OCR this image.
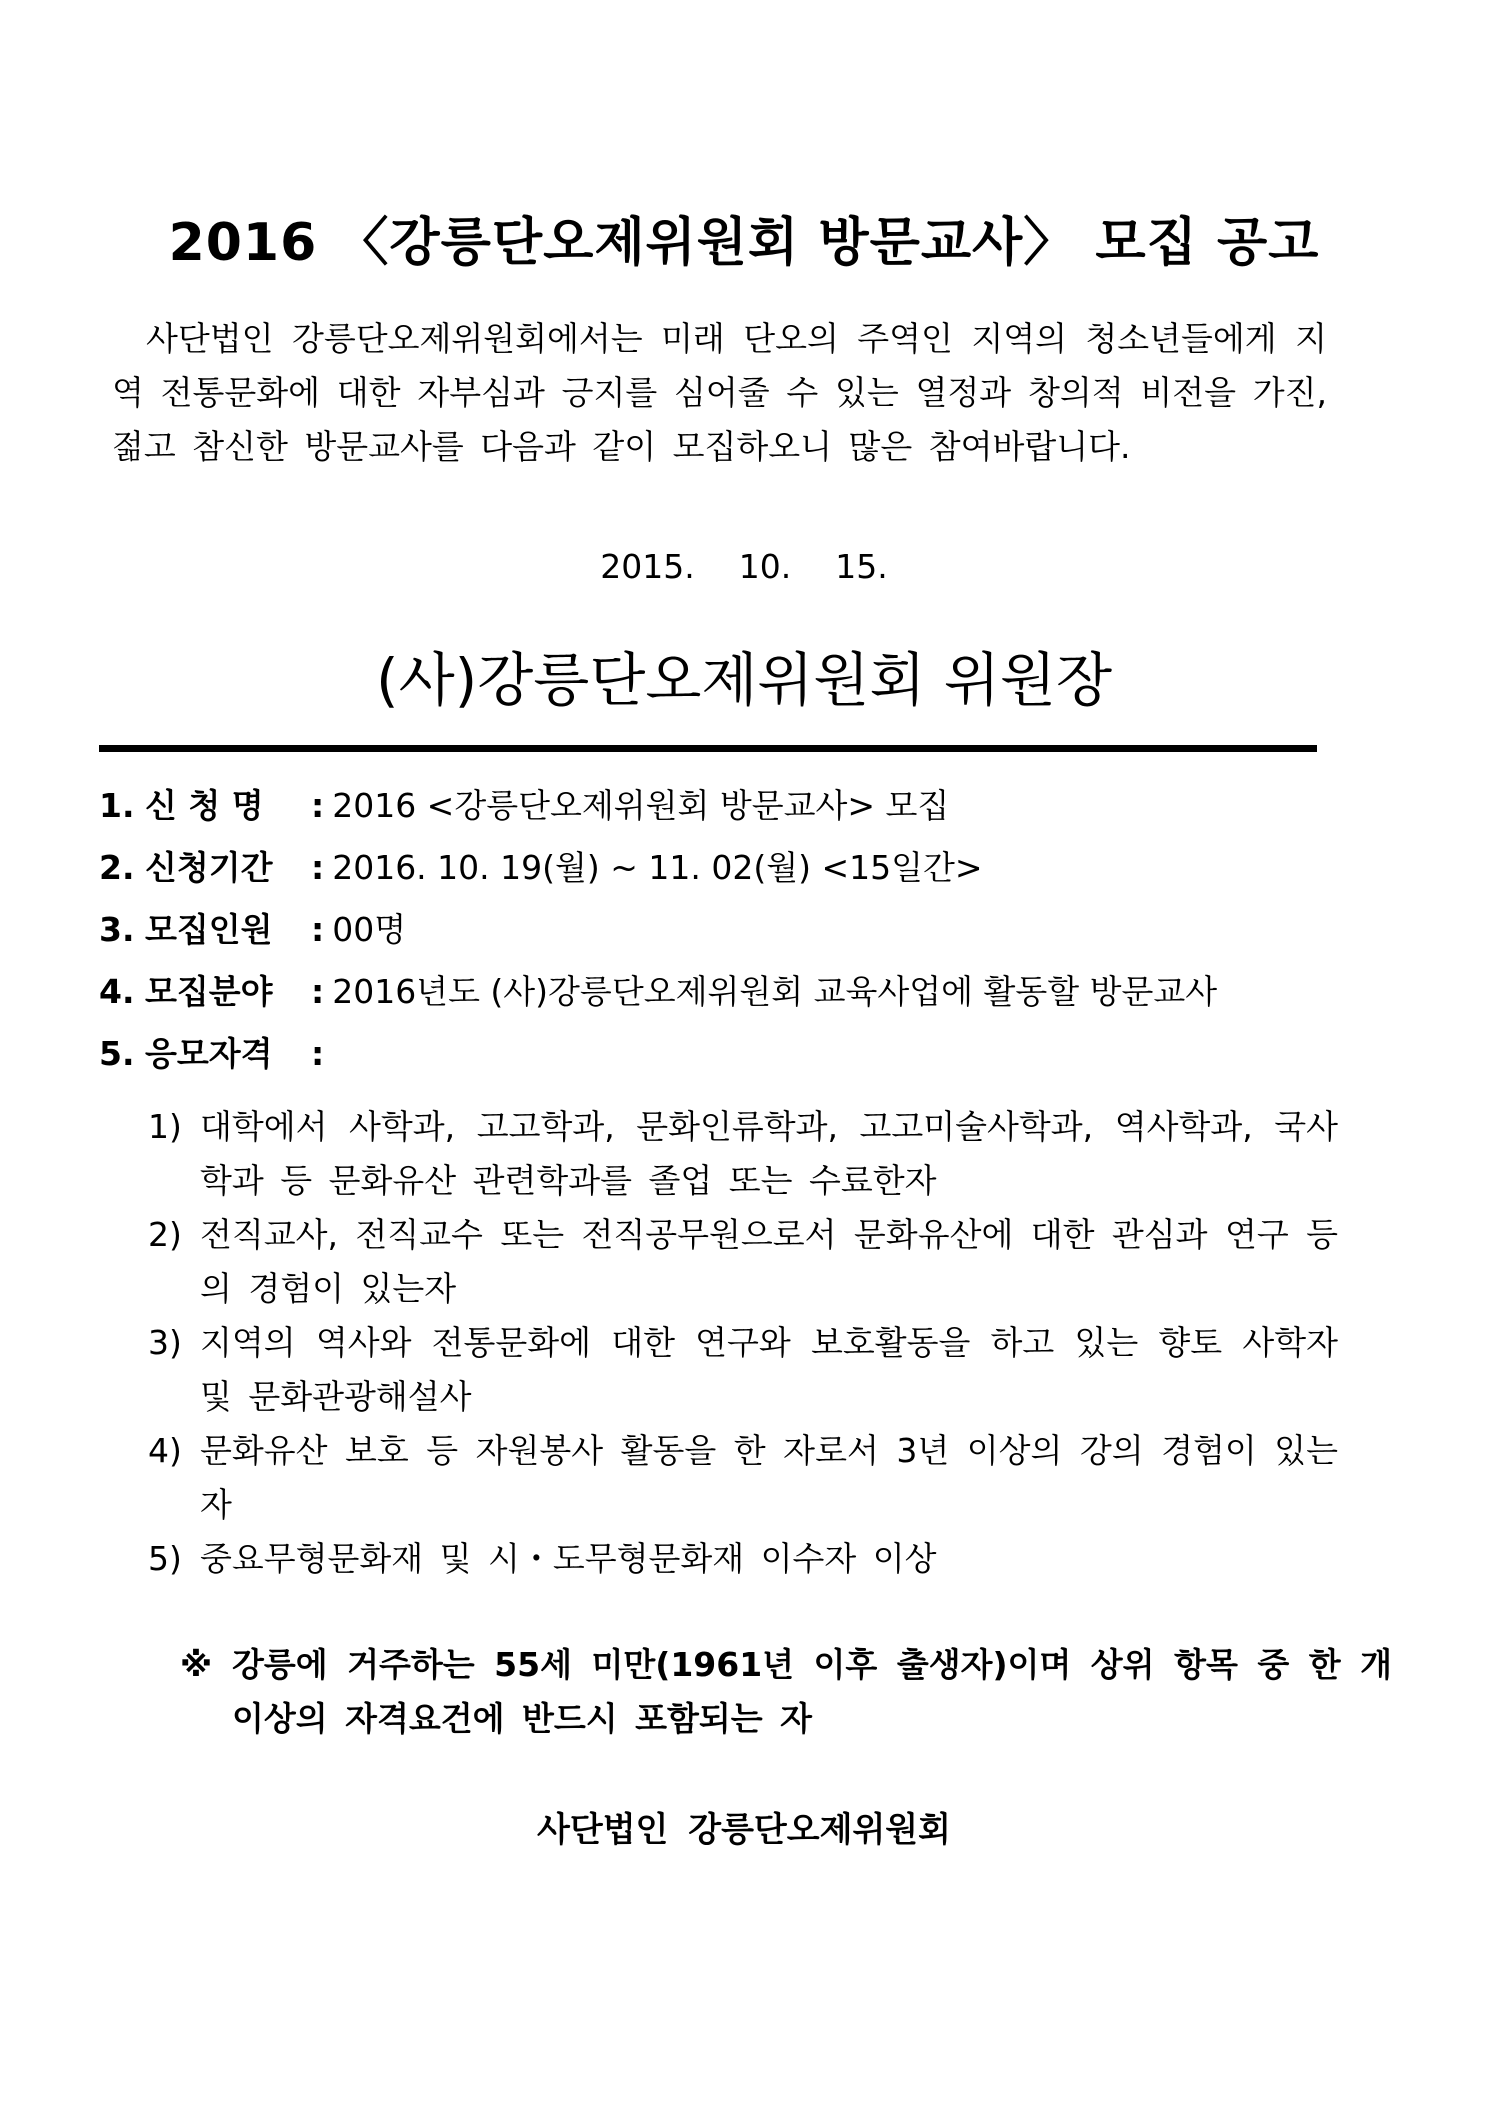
2016 〈강릉단오제위원회 방문교사〉 모집 공고

사단법인 강릉단오제위원회에서는 미래 단오의 주역인 지역의 청소년들에게 지역 전통문화에 대한 자부심과 긍지를 심어줄 수 있는 열정과 창의적 비전을 가진, 젊고 참신한 방문교사를 다음과 같이 모집하오니 많은 참여바랍니다.

2015. 10. 15.
(사)강릉단오제위원회 위원장
1. 신 청 명 : 2016 <강릉단오제위원회 방문교사> 모집
2. 신청기간 : 2016. 10. 19(월) ~ 11. 02(월) <15일간>
3. 모집인원 : 00명
4. 모집분야 : 2016년도 (사)강릉단오제위원회 교육사업에 활동할 방문교사
5. 응모자격 :
1) 대학에서 사학과, 고고학과, 문화인류학과, 고고미술사학과, 역사학과, 국사학과 등 문화유산 관련학과를 졸업 또는 수료한자
2) 전직교사, 전직교수 또는 전직공무원으로서 문화유산에 대한 관심과 연구 등의 경험이 있는자
3) 지역의 역사와 전통문화에 대한 연구와 보호활동을 하고 있는 향토 사학자 및 문화관광해설사
4) 문화유산 보호 등 자원봉사 활동을 한 자로서 3년 이상의 강의 경험이 있는 자
5) 중요무형문화재 및 시・도무형문화재 이수자 이상
※ 강릉에 거주하는 55세 미만(1961년 이후 출생자)이며 상위 항목 중 한 개 이상의 자격요건에 반드시 포함되는 자
사단법인 강릉단오제위원회
